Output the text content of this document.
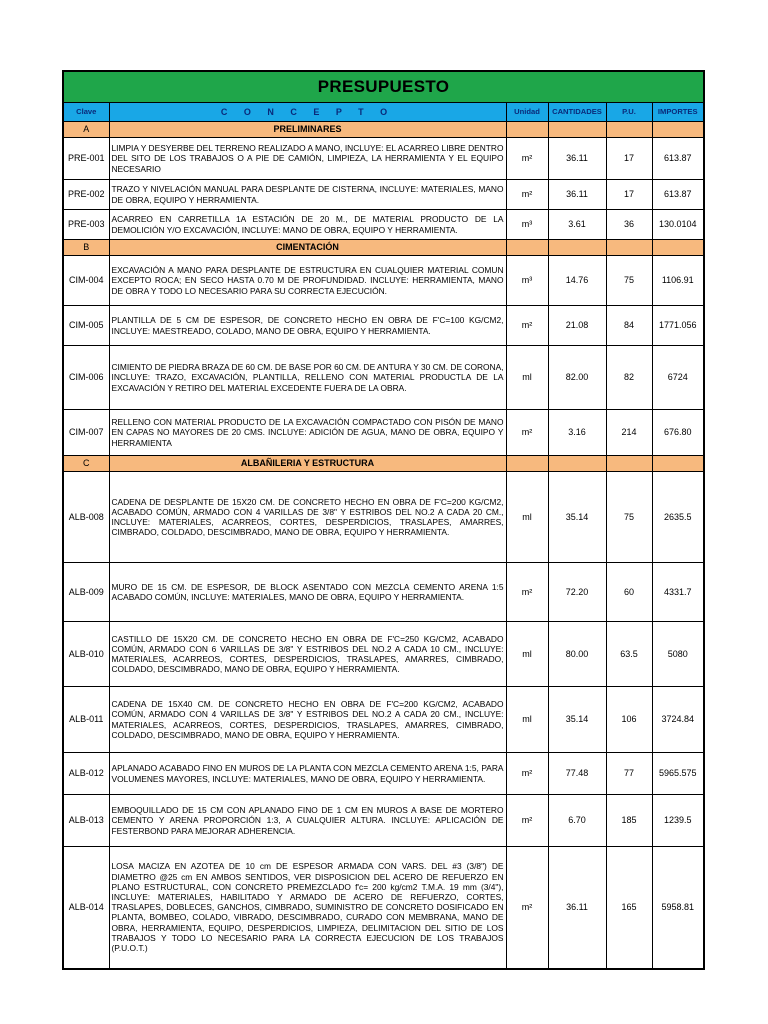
PRESUPUESTO					
Clave	C O N C E P T O	Unidad	CANTIDADES	P.U.	IMPORTES
A	PRELIMINARES				
PRE-001	LIMPIA Y DESYERBE DEL TERRENO REALIZADO A MANO, INCLUYE: EL ACARREO LIBRE DENTRO DEL SITO DE LOS TRABAJOS O A PIE DE CAMIÓN, LIMPIEZA, LA HERRAMIENTA Y EL EQUIPO NECESARIO	m²	36.11	17	613.87
PRE-002	TRAZO Y NIVELACIÓN MANUAL PARA DESPLANTE DE CISTERNA, INCLUYE: MATERIALES, MANO DE OBRA, EQUIPO Y HERRAMIENTA.	m²	36.11	17	613.87
PRE-003	ACARREO EN CARRETILLA 1A ESTACIÓN DE 20 M., DE MATERIAL PRODUCTO DE LA DEMOLICIÓN Y/O EXCAVACIÓN, INCLUYE: MANO DE OBRA, EQUIPO Y HERRAMIENTA.	m³	3.61	36	130.0104
B	CIMENTACIÓN				
CIM-004	EXCAVACIÓN A MANO PARA DESPLANTE DE ESTRUCTURA EN CUALQUIER MATERIAL COMUN EXCEPTO ROCA; EN SECO HASTA 0.70 M DE PROFUNDIDAD. INCLUYE: HERRAMIENTA, MANO DE OBRA Y TODO LO NECESARIO PARA SU CORRECTA EJECUCIÓN.	m³	14.76	75	1106.91
CIM-005	PLANTILLA DE 5 CM DE ESPESOR, DE CONCRETO HECHO EN OBRA DE F'C=100 KG/CM2, INCLUYE: MAESTREADO, COLADO, MANO DE OBRA, EQUIPO Y HERRAMIENTA.	m²	21.08	84	1771.056
CIM-006	CIMIENTO DE PIEDRA BRAZA DE 60 CM. DE BASE POR 60 CM. DE ANTURA Y 30 CM. DE CORONA, INCLUYE: TRAZO, EXCAVACIÓN, PLANTILLA, RELLENO CON MATERIAL PRODUCTLA DE LA EXCAVACIÓN Y RETIRO DEL MATERIAL EXCEDENTE FUERA DE LA OBRA.	ml	82.00	82	6724
CIM-007	RELLENO CON MATERIAL PRODUCTO DE LA EXCAVACIÓN COMPACTADO CON PISÓN DE MANO EN CAPAS NO MAYORES DE 20 CMS. INCLUYE: ADICIÓN DE AGUA, MANO DE OBRA, EQUIPO Y HERRAMIENTA	m²	3.16	214	676.80
C	ALBAÑILERIA Y ESTRUCTURA				
ALB-008	CADENA DE DESPLANTE DE 15X20 CM. DE CONCRETO HECHO EN OBRA DE F'C=200 KG/CM2, ACABADO COMÚN, ARMADO CON 4 VARILLAS DE 3/8" Y ESTRIBOS DEL NO.2 A CADA 20 CM., INCLUYE: MATERIALES, ACARREOS, CORTES, DESPERDICIOS, TRASLAPES, AMARRES, CIMBRADO, COLDADO, DESCIMBRADO, MANO DE OBRA, EQUIPO Y HERRAMIENTA.	ml	35.14	75	2635.5
ALB-009	MURO DE 15 CM. DE ESPESOR, DE BLOCK ASENTADO CON MEZCLA CEMENTO ARENA 1:5 ACABADO COMÚN, INCLUYE: MATERIALES, MANO DE OBRA, EQUIPO Y HERRAMIENTA.	m²	72.20	60	4331.7
ALB-010	CASTILLO DE 15X20 CM. DE CONCRETO HECHO EN OBRA DE F'C=250 KG/CM2, ACABADO COMÚN, ARMADO CON 6 VARILLAS DE 3/8" Y ESTRIBOS DEL NO.2 A CADA 10 CM., INCLUYE: MATERIALES, ACARREOS, CORTES, DESPERDICIOS, TRASLAPES, AMARRES, CIMBRADO, COLDADO, DESCIMBRADO, MANO DE OBRA, EQUIPO Y HERRAMIENTA.	ml	80.00	63.5	5080
ALB-011	CADENA DE 15X40 CM. DE CONCRETO HECHO EN OBRA DE F'C=200 KG/CM2, ACABADO COMÚN, ARMADO CON 4 VARILLAS DE 3/8" Y ESTRIBOS DEL NO.2 A CADA 20 CM., INCLUYE: MATERIALES, ACARREOS, CORTES, DESPERDICIOS, TRASLAPES, AMARRES, CIMBRADO, COLDADO, DESCIMBRADO, MANO DE OBRA, EQUIPO Y HERRAMIENTA.	ml	35.14	106	3724.84
ALB-012	APLANADO ACABADO FINO EN MUROS DE LA PLANTA CON MEZCLA CEMENTO ARENA 1:5, PARA VOLUMENES MAYORES, INCLUYE: MATERIALES, MANO DE OBRA, EQUIPO Y HERRAMIENTA.	m²	77.48	77	5965.575
ALB-013	EMBOQUILLADO DE 15 CM CON APLANADO FINO DE 1 CM EN MUROS A BASE DE MORTERO CEMENTO Y ARENA PROPORCIÓN 1:3, A CUALQUIER ALTURA. INCLUYE: APLICACIÓN DE FESTERBOND PARA MEJORAR ADHERENCIA.	m²	6.70	185	1239.5
ALB-014	LOSA MACIZA EN AZOTEA DE 10 cm DE ESPESOR ARMADA CON VARS. DEL #3 (3/8") DE DIAMETRO @25 cm EN AMBOS SENTIDOS, VER DISPOSICION DEL ACERO DE REFUERZO EN PLANO ESTRUCTURAL, CON CONCRETO PREMEZCLADO f'c= 200 kg/cm2 T.M.A. 19 mm (3/4"), INCLUYE: MATERIALES, HABILITADO Y ARMADO DE ACERO DE REFUERZO, CORTES, TRASLAPES, DOBLECES, GANCHOS, CIMBRADO, SUMINISTRO DE CONCRETO DOSIFICADO EN PLANTA, BOMBEO, COLADO, VIBRADO, DESCIMBRADO, CURADO CON MEMBRANA, MANO DE OBRA, HERRAMIENTA, EQUIPO, DESPERDICIOS, LIMPIEZA, DELIMITACION DEL SITIO DE LOS TRABAJOS Y TODO LO NECESARIO PARA LA CORRECTA EJECUCION DE LOS TRABAJOS (P.U.O.T.)	m²	36.11	165	5958.81
